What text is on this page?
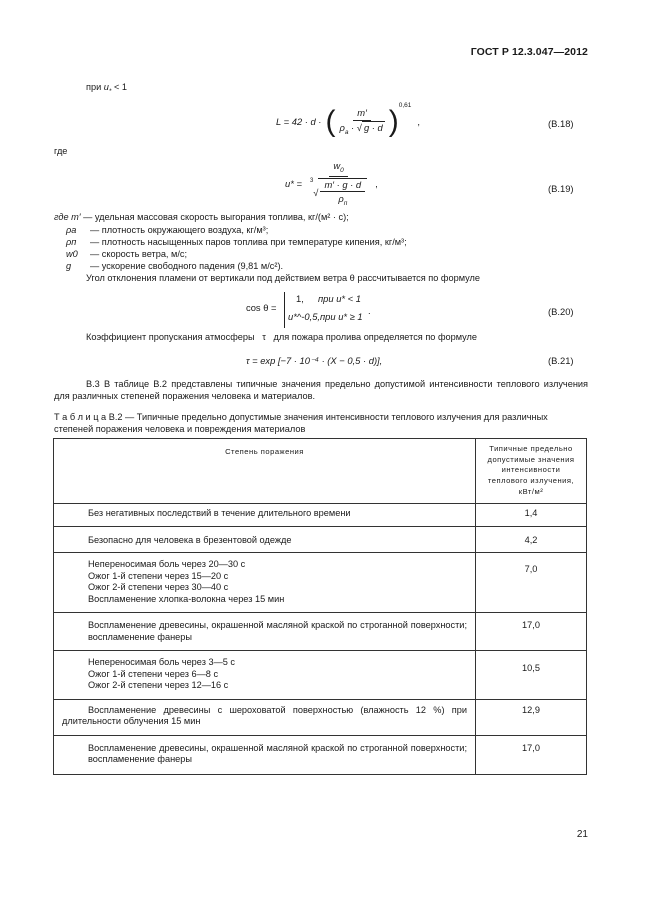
ГОСТ Р 12.3.047—2012
при $u_* < 1$
L = 42 · d · ( $\frac{m'}{\rho_a \cdot √ g \cdot d}$ ) 0,61
,	(В.18)
где
$u* = w_0$
3
√ $\frac{m' \cdot g \cdot d}{\rho_п}$ ,	(В.19)
где m′ — удельная массовая скорость выгорания топлива, кг/(м² · с);
ρa — плотность окружающего воздуха, кг/м³;
ρп — плотность насыщенных паров топлива при температуре кипения, кг/м³;
w0 — скорость ветра, м/с;
g — ускорение свободного падения (9,81 м/с²).
Угол отклонения пламени от вертикали под действием ветра θ рассчитывается по формуле
cos θ =
1, при u* < 1
u*^-0,5, при u* ≥ 1
.	(В.20)
Коэффициент пропускания атмосферы   τ   для пожара пролива определяется по формуле
τ = exp [−7 · 10⁻⁴ · (X − 0,5 · d)],	(В.21)
В.3 В таблице В.2 представлены типичные значения предельно допустимой интенсивности теплового излучения для различных степеней поражения человека и материалов.
Т а б л и ц а В.2 — Типичные предельно допустимые значения интенсивности теплового излучения для различных степеней поражения человека и повреждения материалов
Степень поражения	Типичные предельно допустимые значения интенсивности теплового излучения, кВт/м²

Без негативных последствий в течение длительного времени	1,4

Безопасно для человека в брезентовой одежде	4,2

Непереносимая боль через 20—30 с
Ожог 1-й степени через 15—20 с
Ожог 2-й степени через 30—40 с
Воспламенение хлопка-волокна через 15 мин	7,0

Воспламенение древесины, окрашенной масляной краской по строганной поверхности; воспламенение фанеры	17,0

Непереносимая боль через 3—5 с
Ожог 1-й степени через 6—8 с
Ожог 2-й степени через 12—16 с	10,5

Воспламенение древесины с шероховатой поверхностью (влажность 12 %) при длительности облучения 15 мин	12,9

Воспламенение древесины, окрашенной масляной краской по строганной поверхности; воспламенение фанеры	17,0
21
